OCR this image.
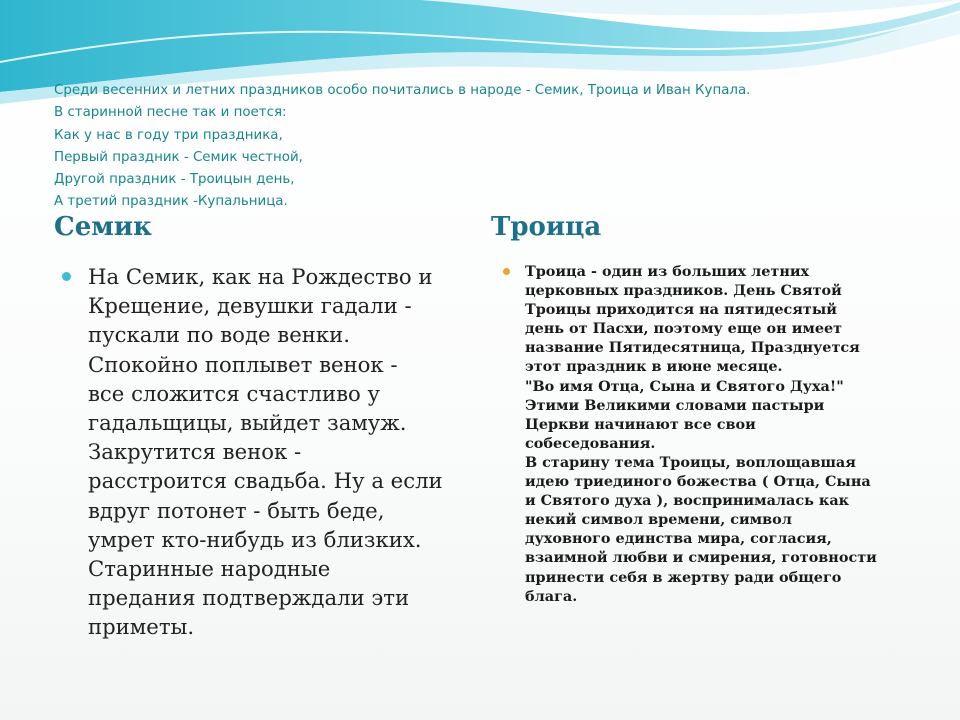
Среди весенних и летних праздников особо почитались в народе - Семик, Троица и Иван Купала.
В старинной песне так и поется:
Как у нас в году три праздника,
Первый праздник - Семик честной,
Другой праздник - Троицын день,
А третий праздник -Купальница.
Семик	Троица
На Семик, как на Рождество и
Крещение, девушки гадали -
пускали по воде венки.
Спокойно поплывет венок -
все сложится счастливо у
гадальщицы, выйдет замуж.
Закрутится венок -
расстроится свадьба. Ну а если
вдруг потонет - быть беде,
умрет кто-нибудь из близких.
Старинные народные
предания подтверждали эти
приметы.
Троица - один из больших летних
церковных праздников. День Святой
Троицы приходится на пятидесятый
день от Пасхи, поэтому еще он имеет
название Пятидесятница, Празднуется
этот праздник в июне месяце.
"Во имя Отца, Сына и Святого Духа!"
Этими Великими словами пастыри
Церкви начинают все свои
собеседования.
В старину тема Троицы, воплощавшая
идею триединого божества ( Отца, Сына
и Святого духа ), воспринималась как
некий символ времени, символ
духовного единства мира, согласия,
взаимной любви и смирения, готовности
принести себя в жертву ради общего
блага.
